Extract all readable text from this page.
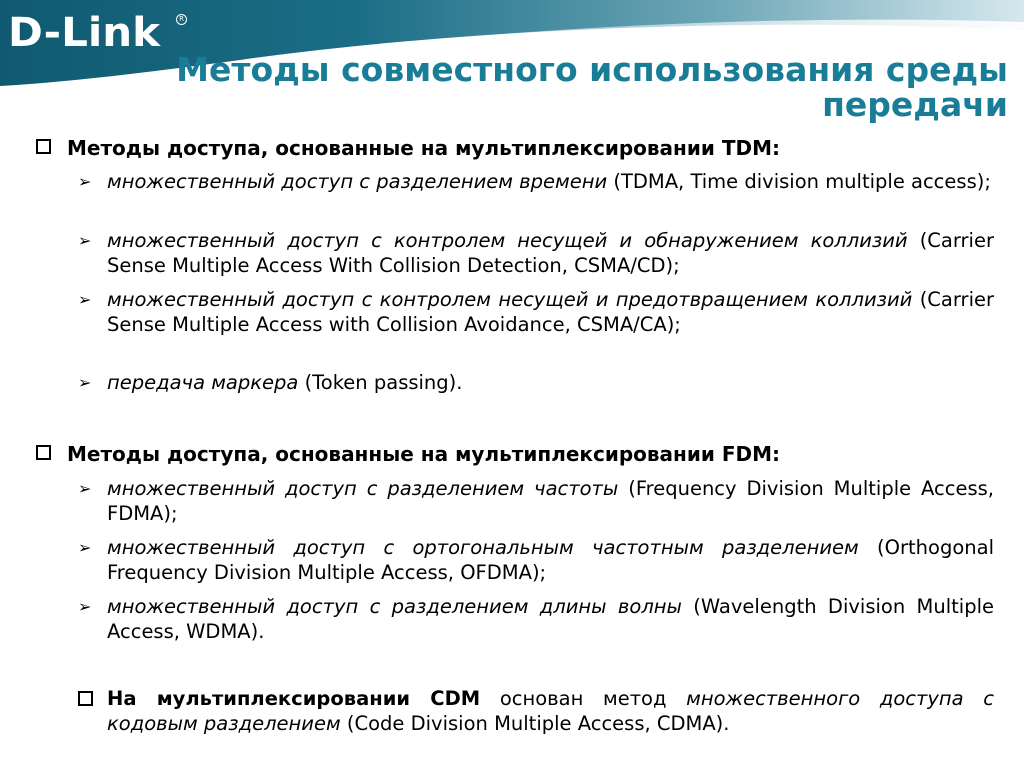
D-Link	R
Методы совместного использования среды передачи
Методы доступа, основанные на мультиплексировании TDM:
➢ множественный доступ с разделением времени (TDMA, Time division multiple access);
➢ множественный доступ с контролем несущей и обнаружением коллизий (Carrier Sense Multiple Access With Collision Detection, CSMA/CD);
➢ множественный доступ с контролем несущей и предотвращением коллизий (Carrier Sense Multiple Access with Collision Avoidance, CSMA/CA);
➢ передача маркера (Token passing).
Методы доступа, основанные на мультиплексировании FDM:
➢ множественный доступ с разделением частоты (Frequency Division Multiple Access, FDMA);
➢ множественный доступ с ортогональным частотным разделением (Orthogonal Frequency Division Multiple Access, OFDMA);
➢ множественный доступ с разделением длины волны (Wavelength Division Multiple Access, WDMA).
На мультиплексировании CDM основан метод множественного доступа с кодовым разделением (Code Division Multiple Access, CDMA).
